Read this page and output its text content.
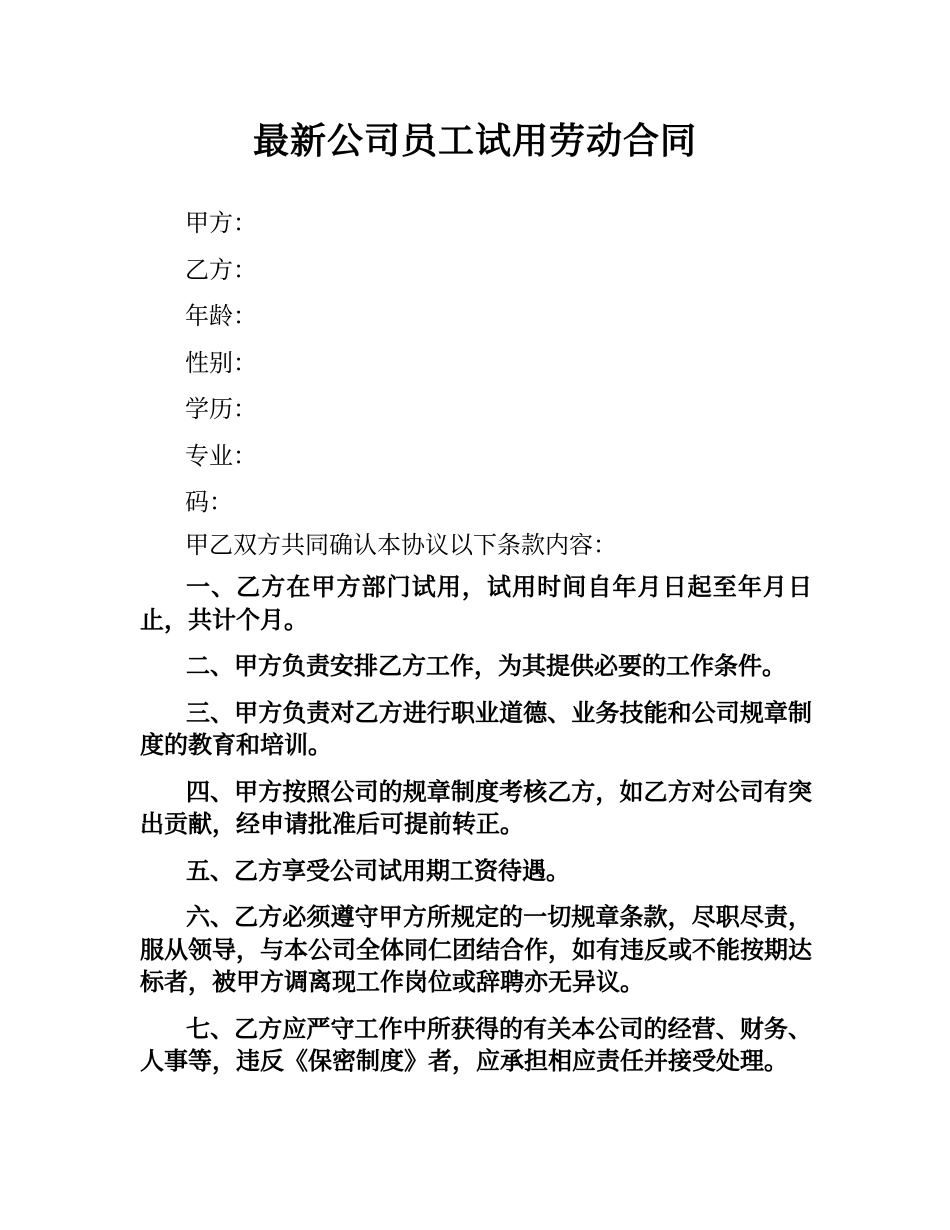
最新公司员工试用劳动合同
甲方：
乙方：
年龄：
性别：
学历：
专业：
码：
甲乙双方共同确认本协议以下条款内容：

一、乙方在甲方部门试用，试用时间自年月日起至年月日止，共计个月。

二、甲方负责安排乙方工作，为其提供必要的工作条件。

三、甲方负责对乙方进行职业道德、业务技能和公司规章制度的教育和培训。

四、甲方按照公司的规章制度考核乙方，如乙方对公司有突出贡献，经申请批准后可提前转正。

五、乙方享受公司试用期工资待遇。

六、乙方必须遵守甲方所规定的一切规章条款，尽职尽责，服从领导，与本公司全体同仁团结合作，如有违反或不能按期达标者，被甲方调离现工作岗位或辞聘亦无异议。

七、乙方应严守工作中所获得的有关本公司的经营、财务、人事等，违反《保密制度》者，应承担相应责任并接受处理。
